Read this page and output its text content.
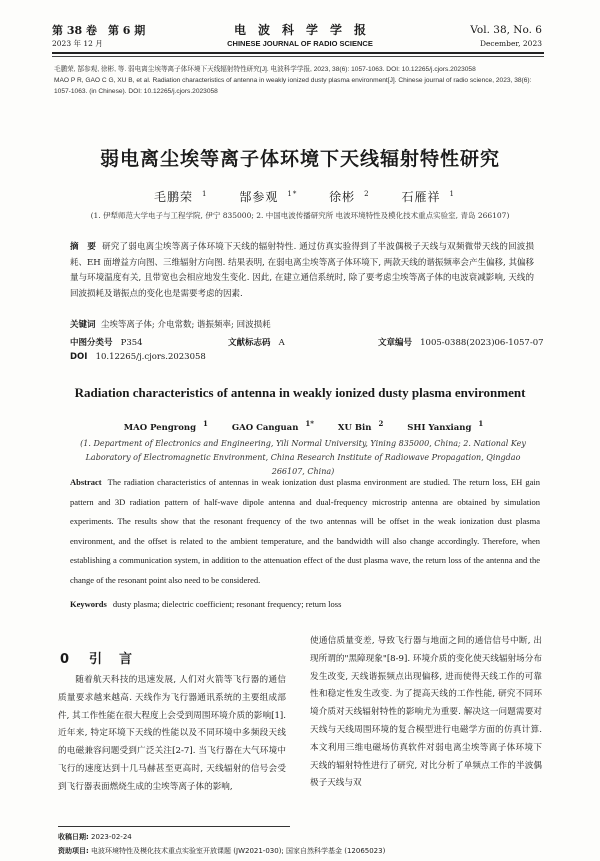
第 38 卷　第 6 期
2023 年 12 月
电　波　科　学　学　报
CHINESE JOURNAL OF RADIO SCIENCE
Vol. 38, No. 6
December, 2023

毛鹏荣, 郜参观, 徐彬, 等. 弱电离尘埃等离子体环境下天线辐射特性研究[J]. 电波科学学报, 2023, 38(6): 1057-1063. DOI: 10.12265/j.cjors.2023058

MAO P R, GAO C G, XU B, et al. Radiation characteristics of antenna in weakly ionized dusty plasma environment[J]. Chinese journal of radio science, 2023, 38(6): 1057-1063. (in Chinese). DOI: 10.12265/j.cjors.2023058

弱电离尘埃等离子体环境下天线辐射特性研究
毛鹏荣 $^1$	郜参观 $^{1*}$	徐彬 $^2$	石雁祥 $^1$
(1. 伊犁师范大学电子与工程学院, 伊宁 835000; 2. 中国电波传播研究所 电波环境特性及模化技术重点实验室, 青岛 266107)
摘　要 研究了弱电离尘埃等离子体环境下天线的辐射特性. 通过仿真实验得到了半波偶极子天线与双频微带天线的回波损耗、EH 面增益方向图、三维辐射方向图. 结果表明, 在弱电离尘埃等离子体环境下, 两款天线的谐振频率会产生偏移, 其偏移量与环境温度有关, 且带宽也会相应地发生变化. 因此, 在建立通信系统时, 除了要考虑尘埃等离子体的电波衰减影响, 天线的回波损耗及谐振点的变化也是需要考虑的因素.
关键词 尘埃等离子体; 介电常数; 谐振频率; 回波损耗
中图分类号 P354	文献标志码 A	文章编号 1005-0388(2023)06-1057-07
DOI 10.12265/j.cjors.2023058
Radiation characteristics of antenna in weakly ionized dusty plasma environment
MAO Pengrong $^1$	GAO Canguan $^{1*}$	XU Bin $^2$	SHI Yanxiang $^1$
(1. Department of Electronics and Engineering, Yili Normal University, Yining 835000, China; 2. National Key Laboratory of Electromagnetic Environment, China Research Institute of Radiowave Propagation, Qingdao 266107, China)
Abstract The radiation characteristics of antennas in weak ionization dust plasma environment are studied. The return loss, EH gain pattern and 3D radiation pattern of half-wave dipole antenna and dual-frequency microstrip antenna are obtained by simulation experiments. The results show that the resonant frequency of the two antennas will be offset in the weak ionization dust plasma environment, and the offset is related to the ambient temperature, and the bandwidth will also change accordingly. Therefore, when establishing a communication system, in addition to the attenuation effect of the dust plasma wave, the return loss of the antenna and the change of the resonant point also need to be considered.
Keywords dusty plasma; dielectric coefficient; resonant frequency; return loss
0 引　言

随着航天科技的迅速发展, 人们对火箭等飞行器的通信质量要求越来越高. 天线作为飞行器通讯系统的主要组成部件, 其工作性能在很大程度上会受到周围环境介质的影响[1]. 近年来, 特定环境下天线的性能以及不同环境中多频段天线的电磁兼容问题受到广泛关注[2-7]. 当飞行器在大气环境中飞行的速度达到十几马赫甚至更高时, 天线辐射的信号会受到飞行器表面燃烧生成的尘埃等离子体的影响,

使通信质量变差, 导致飞行器与地面之间的通信信号中断, 出现所谓的"黑障现象"[8-9]. 环境介质的变化使天线辐射场分布发生改变, 天线谐振频点出现偏移, 进而使得天线工作的可靠性和稳定性发生改变. 为了提高天线的工作性能, 研究不同环境介质对天线辐射特性的影响尤为重要. 解决这一问题需要对天线与天线周围环境的复合模型进行电磁学方面的仿真计算. 本文利用三维电磁场仿真软件对弱电离尘埃等离子体环境下天线的辐射特性进行了研究, 对比分析了单频点工作的半波偶极子天线与双

收稿日期: 2023-02-24

资助项目: 电波环境特性及模化技术重点实验室开放课题 (JW2021-030); 国家自然科学基金 (12065023)
